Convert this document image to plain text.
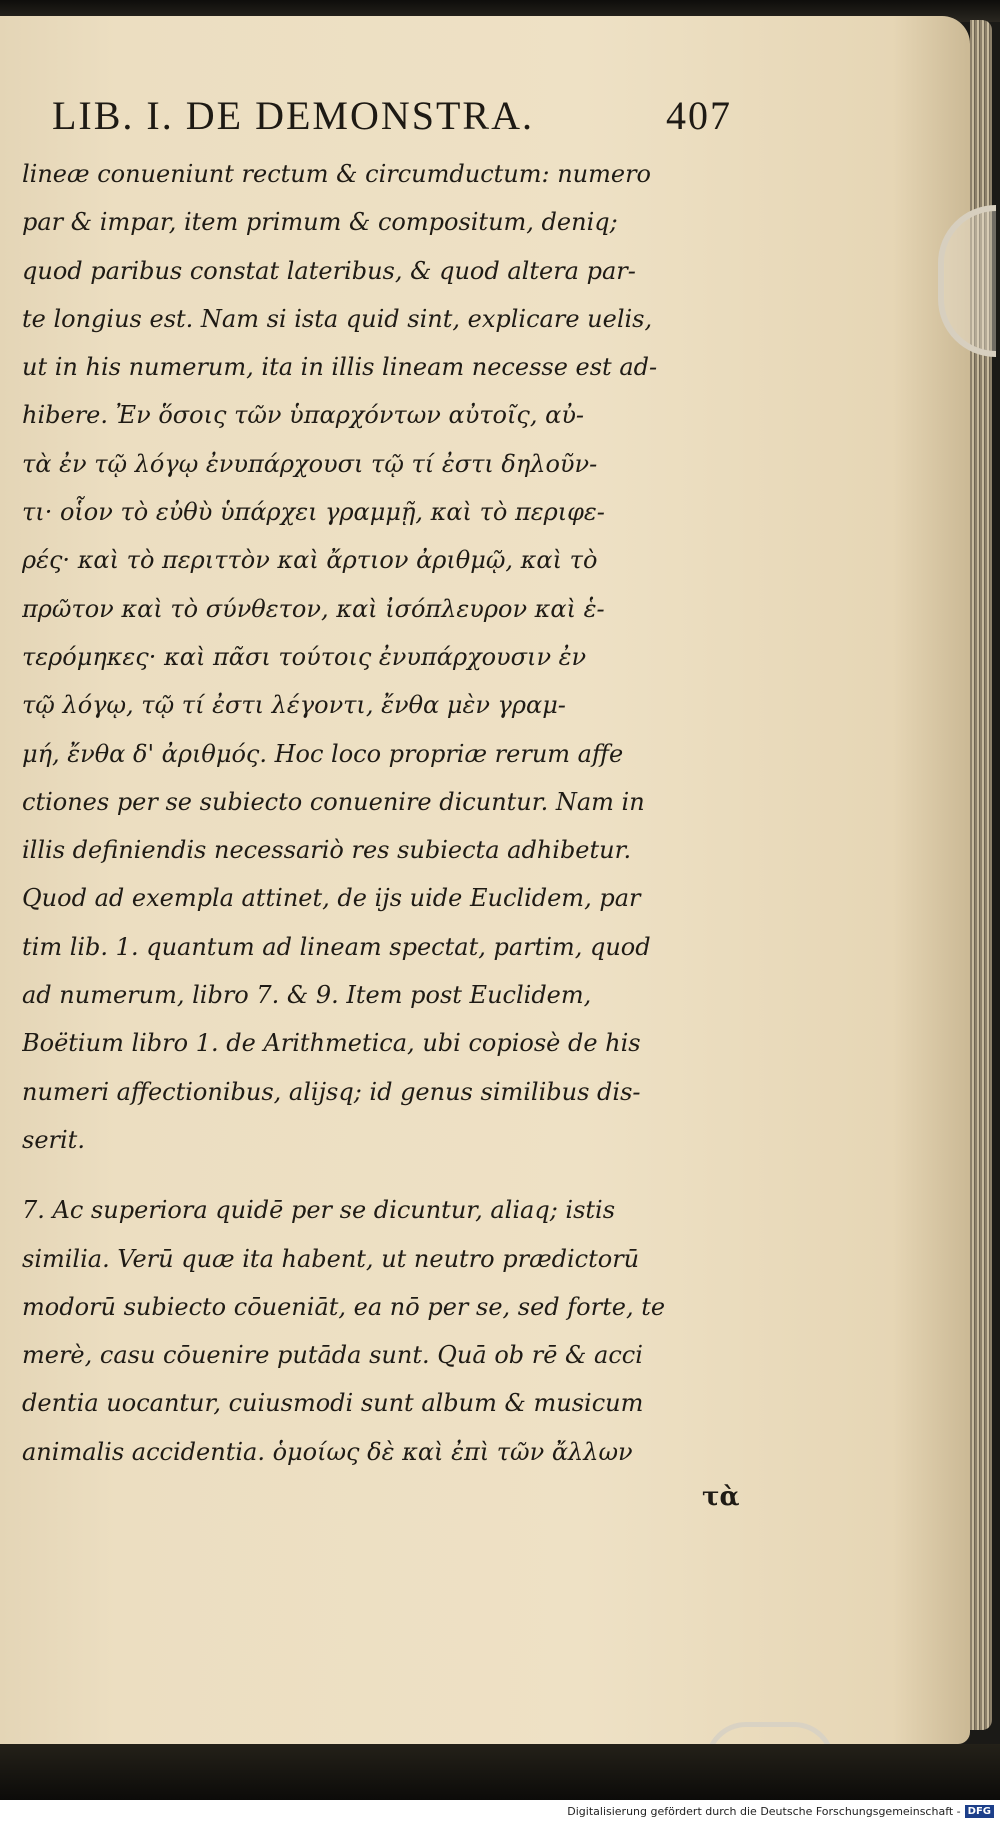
LIB. I. DE DEMONSTRA.	407
lineæ conueniunt rectum & circumductum: numero
par & impar, item primum & compositum, deniq;
quod paribus constat lateribus, & quod altera par-
te longius est. Nam si ista quid sint, explicare uelis,
ut in his numerum, ita in illis lineam necesse est ad-
hibere. Ἐν ὅσοις τῶν ὑπαρχόντων αὐτοῖς, αὐ-
τὰ ἐν τῷ λόγῳ ἐνυπάρχουσι τῷ τί ἐστι δηλοῦν-
τι· οἷον τὸ εὐθὺ ὑπάρχει γραμμῇ, καὶ τὸ περιφε-
ρές· καὶ τὸ περιττὸν καὶ ἄρτιον ἀριθμῷ, καὶ τὸ
πρῶτον καὶ τὸ σύνθετον, καὶ ἰσόπλευρον καὶ ἑ-
τερόμηκες· καὶ πᾶσι τούτοις ἐνυπάρχουσιν ἐν
τῷ λόγῳ, τῷ τί ἐστι λέγοντι, ἔνθα μὲν γραμ-
μή, ἔνθα δ' ἀριθμός. Hoc loco propriæ rerum affe
ctiones per se subiecto conuenire dicuntur. Nam in
illis definiendis necessariò res subiecta adhibetur.
Quod ad exempla attinet, de ijs uide Euclidem, par
tim lib. 1. quantum ad lineam spectat, partim, quod
ad numerum, libro 7. & 9. Item post Euclidem,
Boëtium libro 1. de Arithmetica, ubi copiosè de his
numeri affectionibus, alijsq; id genus similibus dis-
serit.
7. Ac superiora quidē per se dicuntur, aliaq; istis
similia. Verū quæ ita habent, ut neutro prædictorū
modorū subiecto cōueniāt, ea nō per se, sed forte, te
merè, casu cōuenire putāda sunt. Quā ob rē & acci
dentia uocantur, cuiusmodi sunt album & musicum
animalis accidentia. ὁμοίως δὲ καὶ ἐπὶ τῶν ἄλλων
τὰ
Digitalisierung gefördert durch die Deutsche Forschungsgemeinschaft - DFG
